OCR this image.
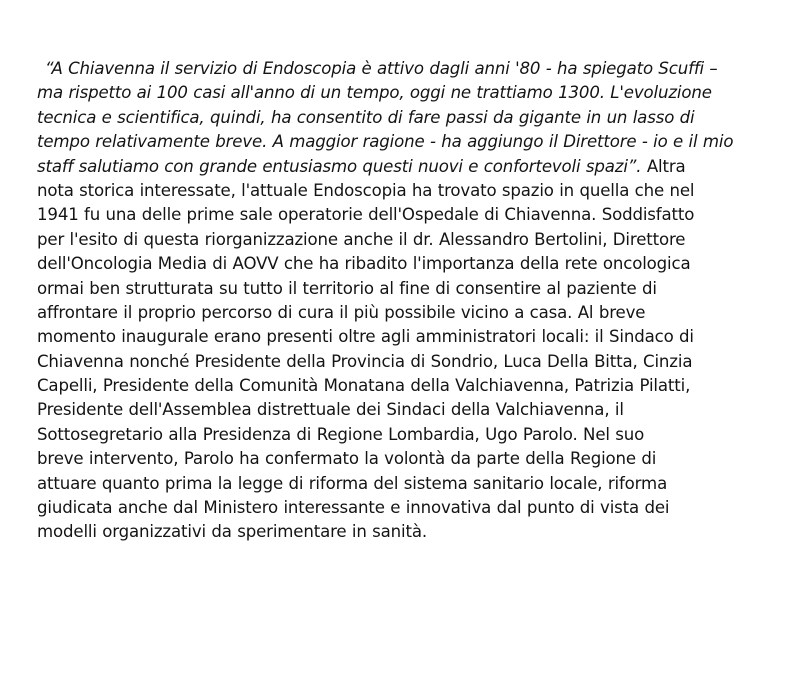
“A Chiavenna il servizio di Endoscopia è attivo dagli anni '80 - ha spiegato Scuffi –
ma rispetto ai 100 casi all'anno di un tempo, oggi ne trattiamo 1300. L'evoluzione
tecnica e scientifica, quindi, ha consentito di fare passi da gigante in un lasso di
tempo relativamente breve. A maggior ragione - ha aggiungo il Direttore - io e il mio
staff salutiamo con grande entusiasmo questi nuovi e confortevoli spazi”. Altra
nota storica interessate, l'attuale Endoscopia ha trovato spazio in quella che nel
1941 fu una delle prime sale operatorie dell'Ospedale di Chiavenna. Soddisfatto
per l'esito di questa riorganizzazione anche il dr. Alessandro Bertolini, Direttore
dell'Oncologia Media di AOVV che ha ribadito l'importanza della rete oncologica
ormai ben strutturata su tutto il territorio al fine di consentire al paziente di
affrontare il proprio percorso di cura il più possibile vicino a casa. Al breve
momento inaugurale erano presenti oltre agli amministratori locali: il Sindaco di
Chiavenna nonché Presidente della Provincia di Sondrio, Luca Della Bitta, Cinzia
Capelli, Presidente della Comunità Monatana della Valchiavenna, Patrizia Pilatti,
Presidente dell'Assemblea distrettuale dei Sindaci della Valchiavenna, il
Sottosegretario alla Presidenza di Regione Lombardia, Ugo Parolo. Nel suo
breve intervento, Parolo ha confermato la volontà da parte della Regione di
attuare quanto prima la legge di riforma del sistema sanitario locale, riforma
giudicata anche dal Ministero interessante e innovativa dal punto di vista dei
modelli organizzativi da sperimentare in sanità.
